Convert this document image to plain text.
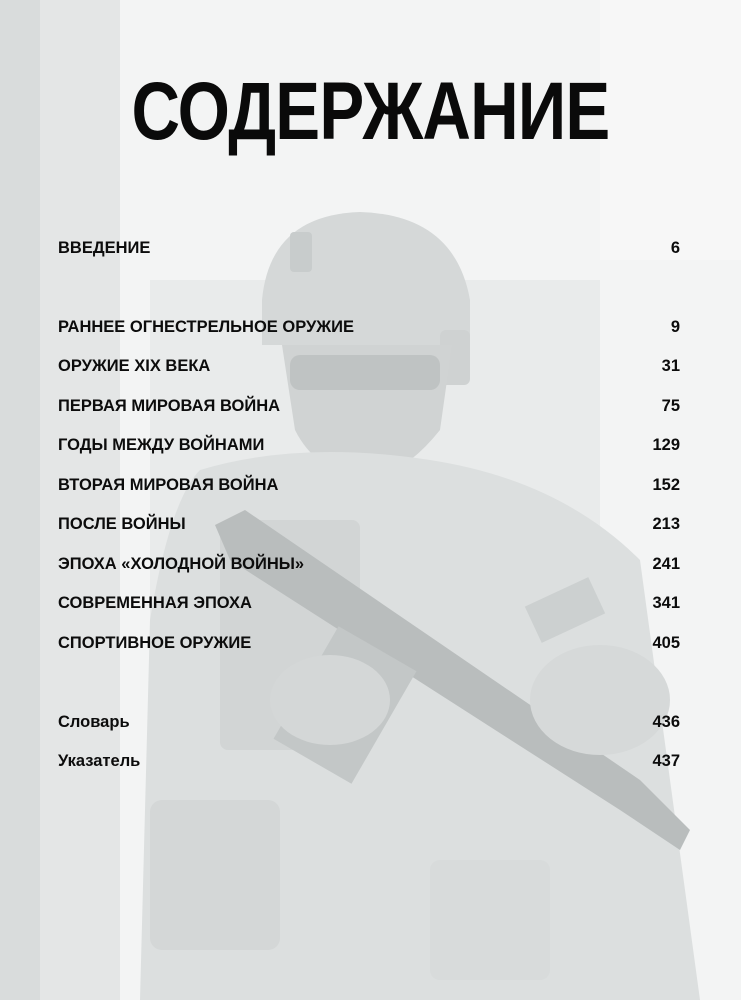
СОДЕРЖАНИЕ
ВВЕДЕНИЕ	6
РАННЕЕ ОГНЕСТРЕЛЬНОЕ ОРУЖИЕ	9
ОРУЖИЕ XIX ВЕКА	31
ПЕРВАЯ МИРОВАЯ ВОЙНА	75
ГОДЫ МЕЖДУ ВОЙНАМИ	129
ВТОРАЯ МИРОВАЯ ВОЙНА	152
ПОСЛЕ ВОЙНЫ	213
ЭПОХА «ХОЛОДНОЙ ВОЙНЫ»	241
СОВРЕМЕННАЯ ЭПОХА	341
СПОРТИВНОЕ ОРУЖИЕ	405
Словарь	436
Указатель	437
